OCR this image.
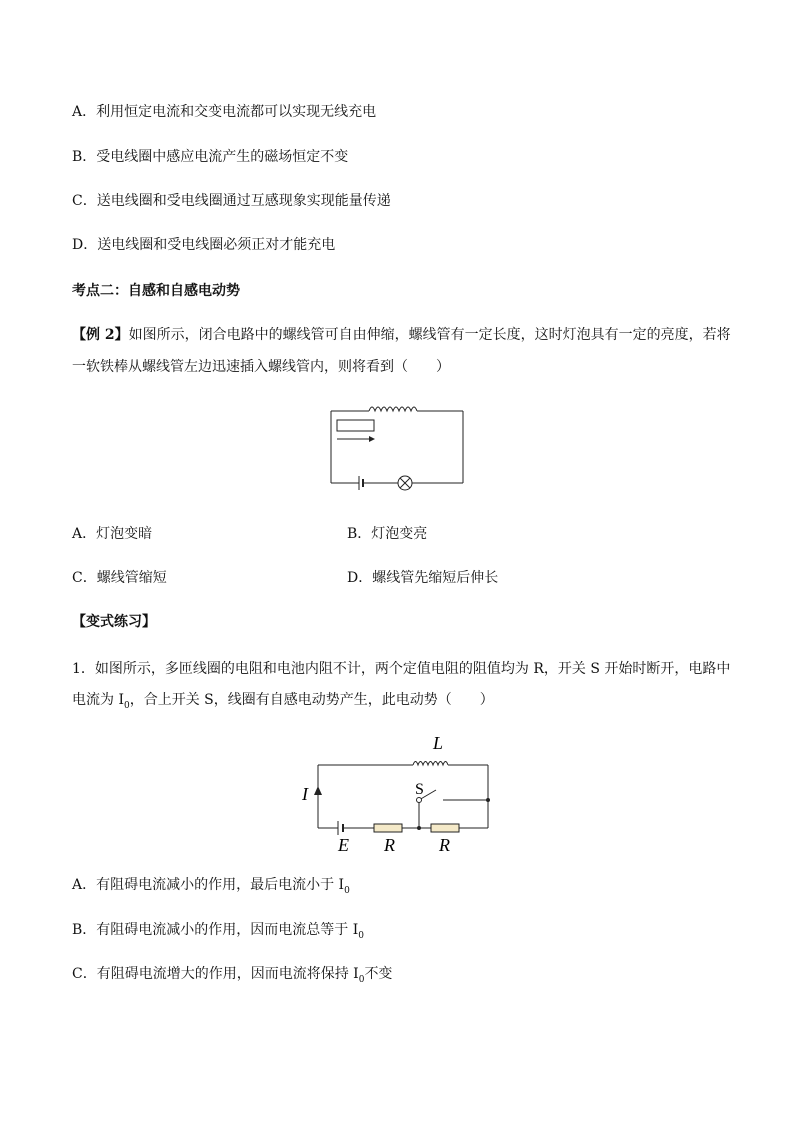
A．利用恒定电流和交变电流都可以实现无线充电
B．受电线圈中感应电流产生的磁场恒定不变
C．送电线圈和受电线圈通过互感现象实现能量传递
D．送电线圈和受电线圈必须正对才能充电
考点二：自感和自感电动势
【例 2】如图所示，闭合电路中的螺线管可自由伸缩，螺线管有一定长度，这时灯泡具有一定的亮度，若将
一软铁棒从螺线管左边迅速插入螺线管内，则将看到（　　）
A．灯泡变暗	B．灯泡变亮
C．螺线管缩短	D．螺线管先缩短后伸长
【变式练习】
1．如图所示，多匝线圈的电阻和电池内阻不计，两个定值电阻的阻值均为 R，开关 S 开始时断开，电路中
电流为 $I_0$，合上开关 S，线圈有自感电动势产生，此电动势（　　）
L
S
I
E R R
A．有阻碍电流减小的作用，最后电流小于 $I_0$
B．有阻碍电流减小的作用，因而电流总等于 $I_0$
C．有阻碍电流增大的作用，因而电流将保持 $I_0$不变
